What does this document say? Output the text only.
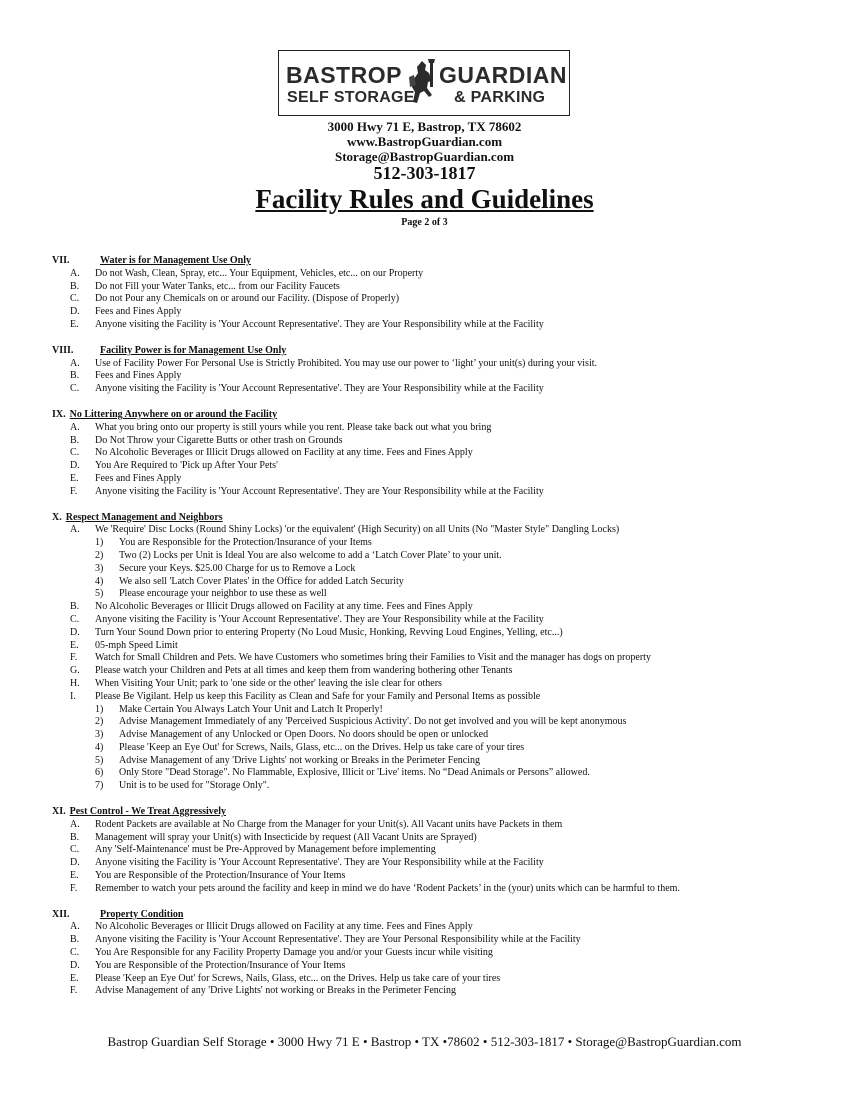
BASTROP GUARDIAN
SELF STORAGE & PARKING
3000 Hwy 71 E, Bastrop, TX 78602
www.BastropGuardian.com
Storage@BastropGuardian.com
512-303-1817
Facility Rules and Guidelines
Page 2 of 3
VII.	Water is for Management Use Only
A. Do not Wash, Clean, Spray, etc... Your Equipment, Vehicles, etc... on our Property
B. Do not Fill your Water Tanks, etc... from our Facility Faucets
C. Do not Pour any Chemicals on or around our Facility. (Dispose of Properly)
D. Fees and Fines Apply
E. Anyone visiting the Facility is 'Your Account Representative'. They are Your Responsibility while at the Facility
VIII.	Facility Power is for Management Use Only
A. Use of Facility Power For Personal Use is Strictly Prohibited. You may use our power to ‘light’ your unit(s) during your visit.
B. Fees and Fines Apply
C. Anyone visiting the Facility is 'Your Account Representative'. They are Your Responsibility while at the Facility
IX. No Littering Anywhere on or around the Facility
A. What you bring onto our property is still yours while you rent. Please take back out what you bring
B. Do Not Throw your Cigarette Butts or other trash on Grounds
C. No Alcoholic Beverages or Illicit Drugs allowed on Facility at any time. Fees and Fines Apply
D. You Are Required to 'Pick up After Your Pets'
E. Fees and Fines Apply
F. Anyone visiting the Facility is 'Your Account Representative'. They are Your Responsibility while at the Facility
X. Respect Management and Neighbors
A. We 'Require' Disc Locks (Round Shiny Locks) 'or the equivalent' (High Security) on all Units (No "Master Style" Dangling Locks)
1) You are Responsible for the Protection/Insurance of your Items
2) Two (2) Locks per Unit is Ideal You are also welcome to add a ‘Latch Cover Plate’ to your unit.
3) Secure your Keys. $25.00 Charge for us to Remove a Lock
4) We also sell 'Latch Cover Plates' in the Office for added Latch Security
5) Please encourage your neighbor to use these as well
B. No Alcoholic Beverages or Illicit Drugs allowed on Facility at any time. Fees and Fines Apply
C. Anyone visiting the Facility is 'Your Account Representative'. They are Your Responsibility while at the Facility
D. Turn Your Sound Down prior to entering Property (No Loud Music, Honking, Revving Loud Engines, Yelling, etc...)
E. 05-mph Speed Limit
F. Watch for Small Children and Pets. We have Customers who sometimes bring their Families to Visit and the manager has dogs on property
G. Please watch your Children and Pets at all times and keep them from wandering bothering other Tenants
H. When Visiting Your Unit; park to 'one side or the other' leaving the isle clear for others
I. Please Be Vigilant. Help us keep this Facility as Clean and Safe for your Family and Personal Items as possible
1) Make Certain You Always Latch Your Unit and Latch It Properly!
2) Advise Management Immediately of any 'Perceived Suspicious Activity'. Do not get involved and you will be kept anonymous
3) Advise Management of any Unlocked or Open Doors. No doors should be open or unlocked
4) Please 'Keep an Eye Out' for Screws, Nails, Glass, etc... on the Drives. Help us take care of your tires
5) Advise Management of any 'Drive Lights' not working or Breaks in the Perimeter Fencing
6) Only Store "Dead Storage". No Flammable, Explosive, Illicit or 'Live' items. No “Dead Animals or Persons” allowed.
7) Unit is to be used for "Storage Only".
XI. Pest Control - We Treat Aggressively
A. Rodent Packets are available at No Charge from the Manager for your Unit(s). All Vacant units have Packets in them
B. Management will spray your Unit(s) with Insecticide by request (All Vacant Units are Sprayed)
C. Any 'Self-Maintenance' must be Pre-Approved by Management before implementing
D. Anyone visiting the Facility is 'Your Account Representative'. They are Your Responsibility while at the Facility
E. You are Responsible of the Protection/Insurance of Your Items
F. Remember to watch your pets around the facility and keep in mind we do have ‘Rodent Packets’ in the (your) units which can be harmful to them.
XII.	Property Condition
A. No Alcoholic Beverages or Illicit Drugs allowed on Facility at any time. Fees and Fines Apply
B. Anyone visiting the Facility is 'Your Account Representative'. They are Your Personal Responsibility while at the Facility
C. You Are Responsible for any Facility Property Damage you and/or your Guests incur while visiting
D. You are Responsible of the Protection/Insurance of Your Items
E. Please 'Keep an Eye Out' for Screws, Nails, Glass, etc... on the Drives. Help us take care of your tires
F. Advise Management of any 'Drive Lights' not working or Breaks in the Perimeter Fencing
Bastrop Guardian Self Storage • 3000 Hwy 71 E • Bastrop • TX •78602 • 512-303-1817 • Storage@BastropGuardian.com
